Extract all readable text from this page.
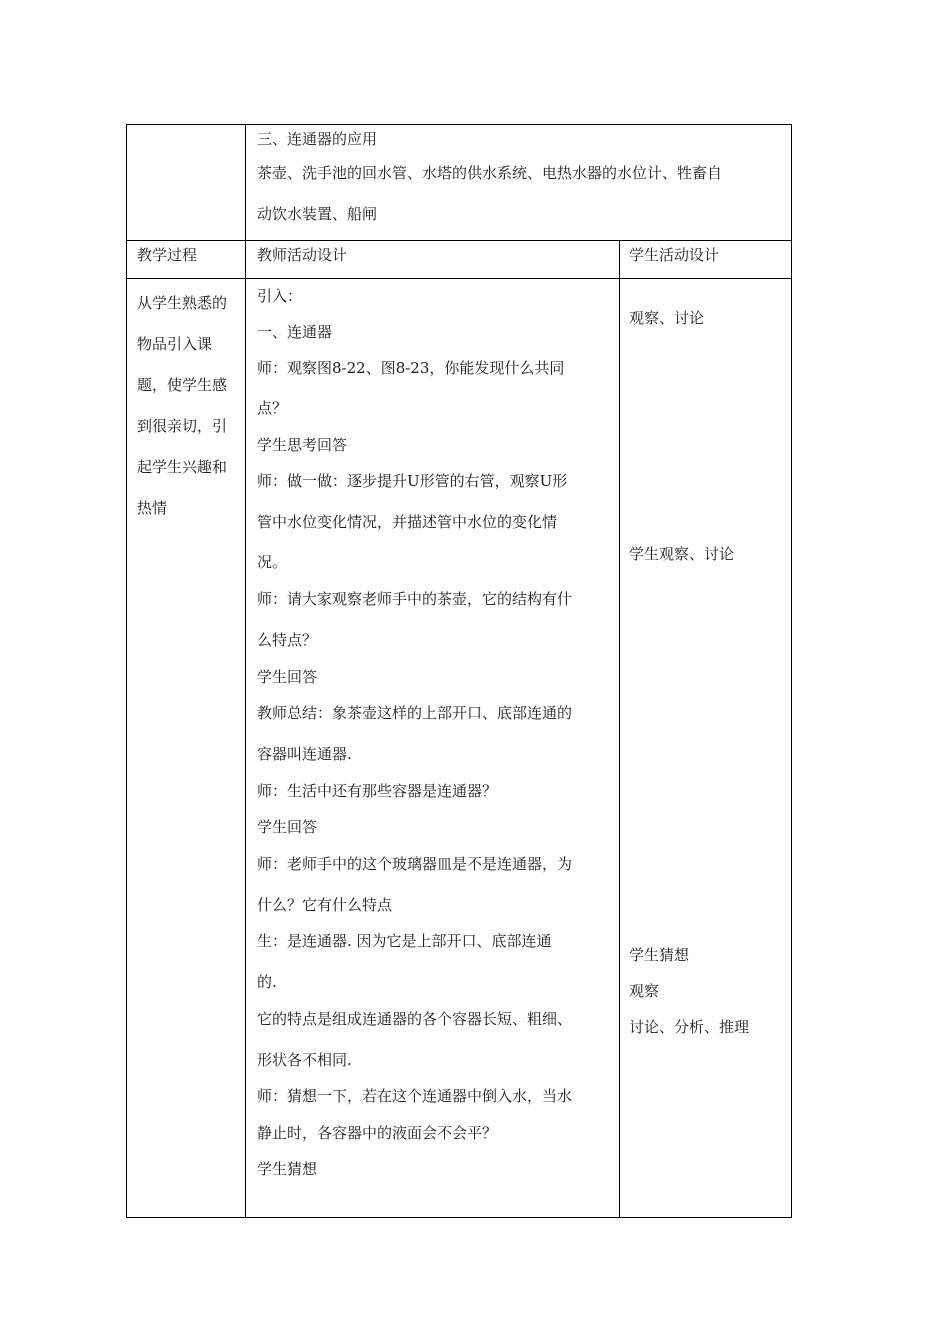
三、连通器的应用
茶壶、洗手池的回水管、水塔的供水系统、电热水器的水位计、牲畜自
动饮水装置、船闸
教学过程	教师活动设计	学生活动设计
从学生熟悉的
物品引入课
题，使学生感
到很亲切，引
起学生兴趣和
热情
引入：
一、连通器
师：观察图8-22、图8-23，你能发现什么共同
点？
学生思考回答
师：做一做：逐步提升U形管的右管，观察U形
管中水位变化情况，并描述管中水位的变化情
况。
师：请大家观察老师手中的茶壶，它的结构有什
么特点？
学生回答
教师总结：象茶壶这样的上部开口、底部连通的
容器叫连通器.
师：生活中还有那些容器是连通器？
学生回答
师：老师手中的这个玻璃器皿是不是连通器，为
什么？它有什么特点
生：是连通器. 因为它是上部开口、底部连通
的.
它的特点是组成连通器的各个容器长短、粗细、
形状各不相同.
师：猜想一下，若在这个连通器中倒入水，当水
静止时，各容器中的液面会不会平？
学生猜想
观察、讨论
学生观察、讨论
学生猜想
观察
讨论、分析、推理
